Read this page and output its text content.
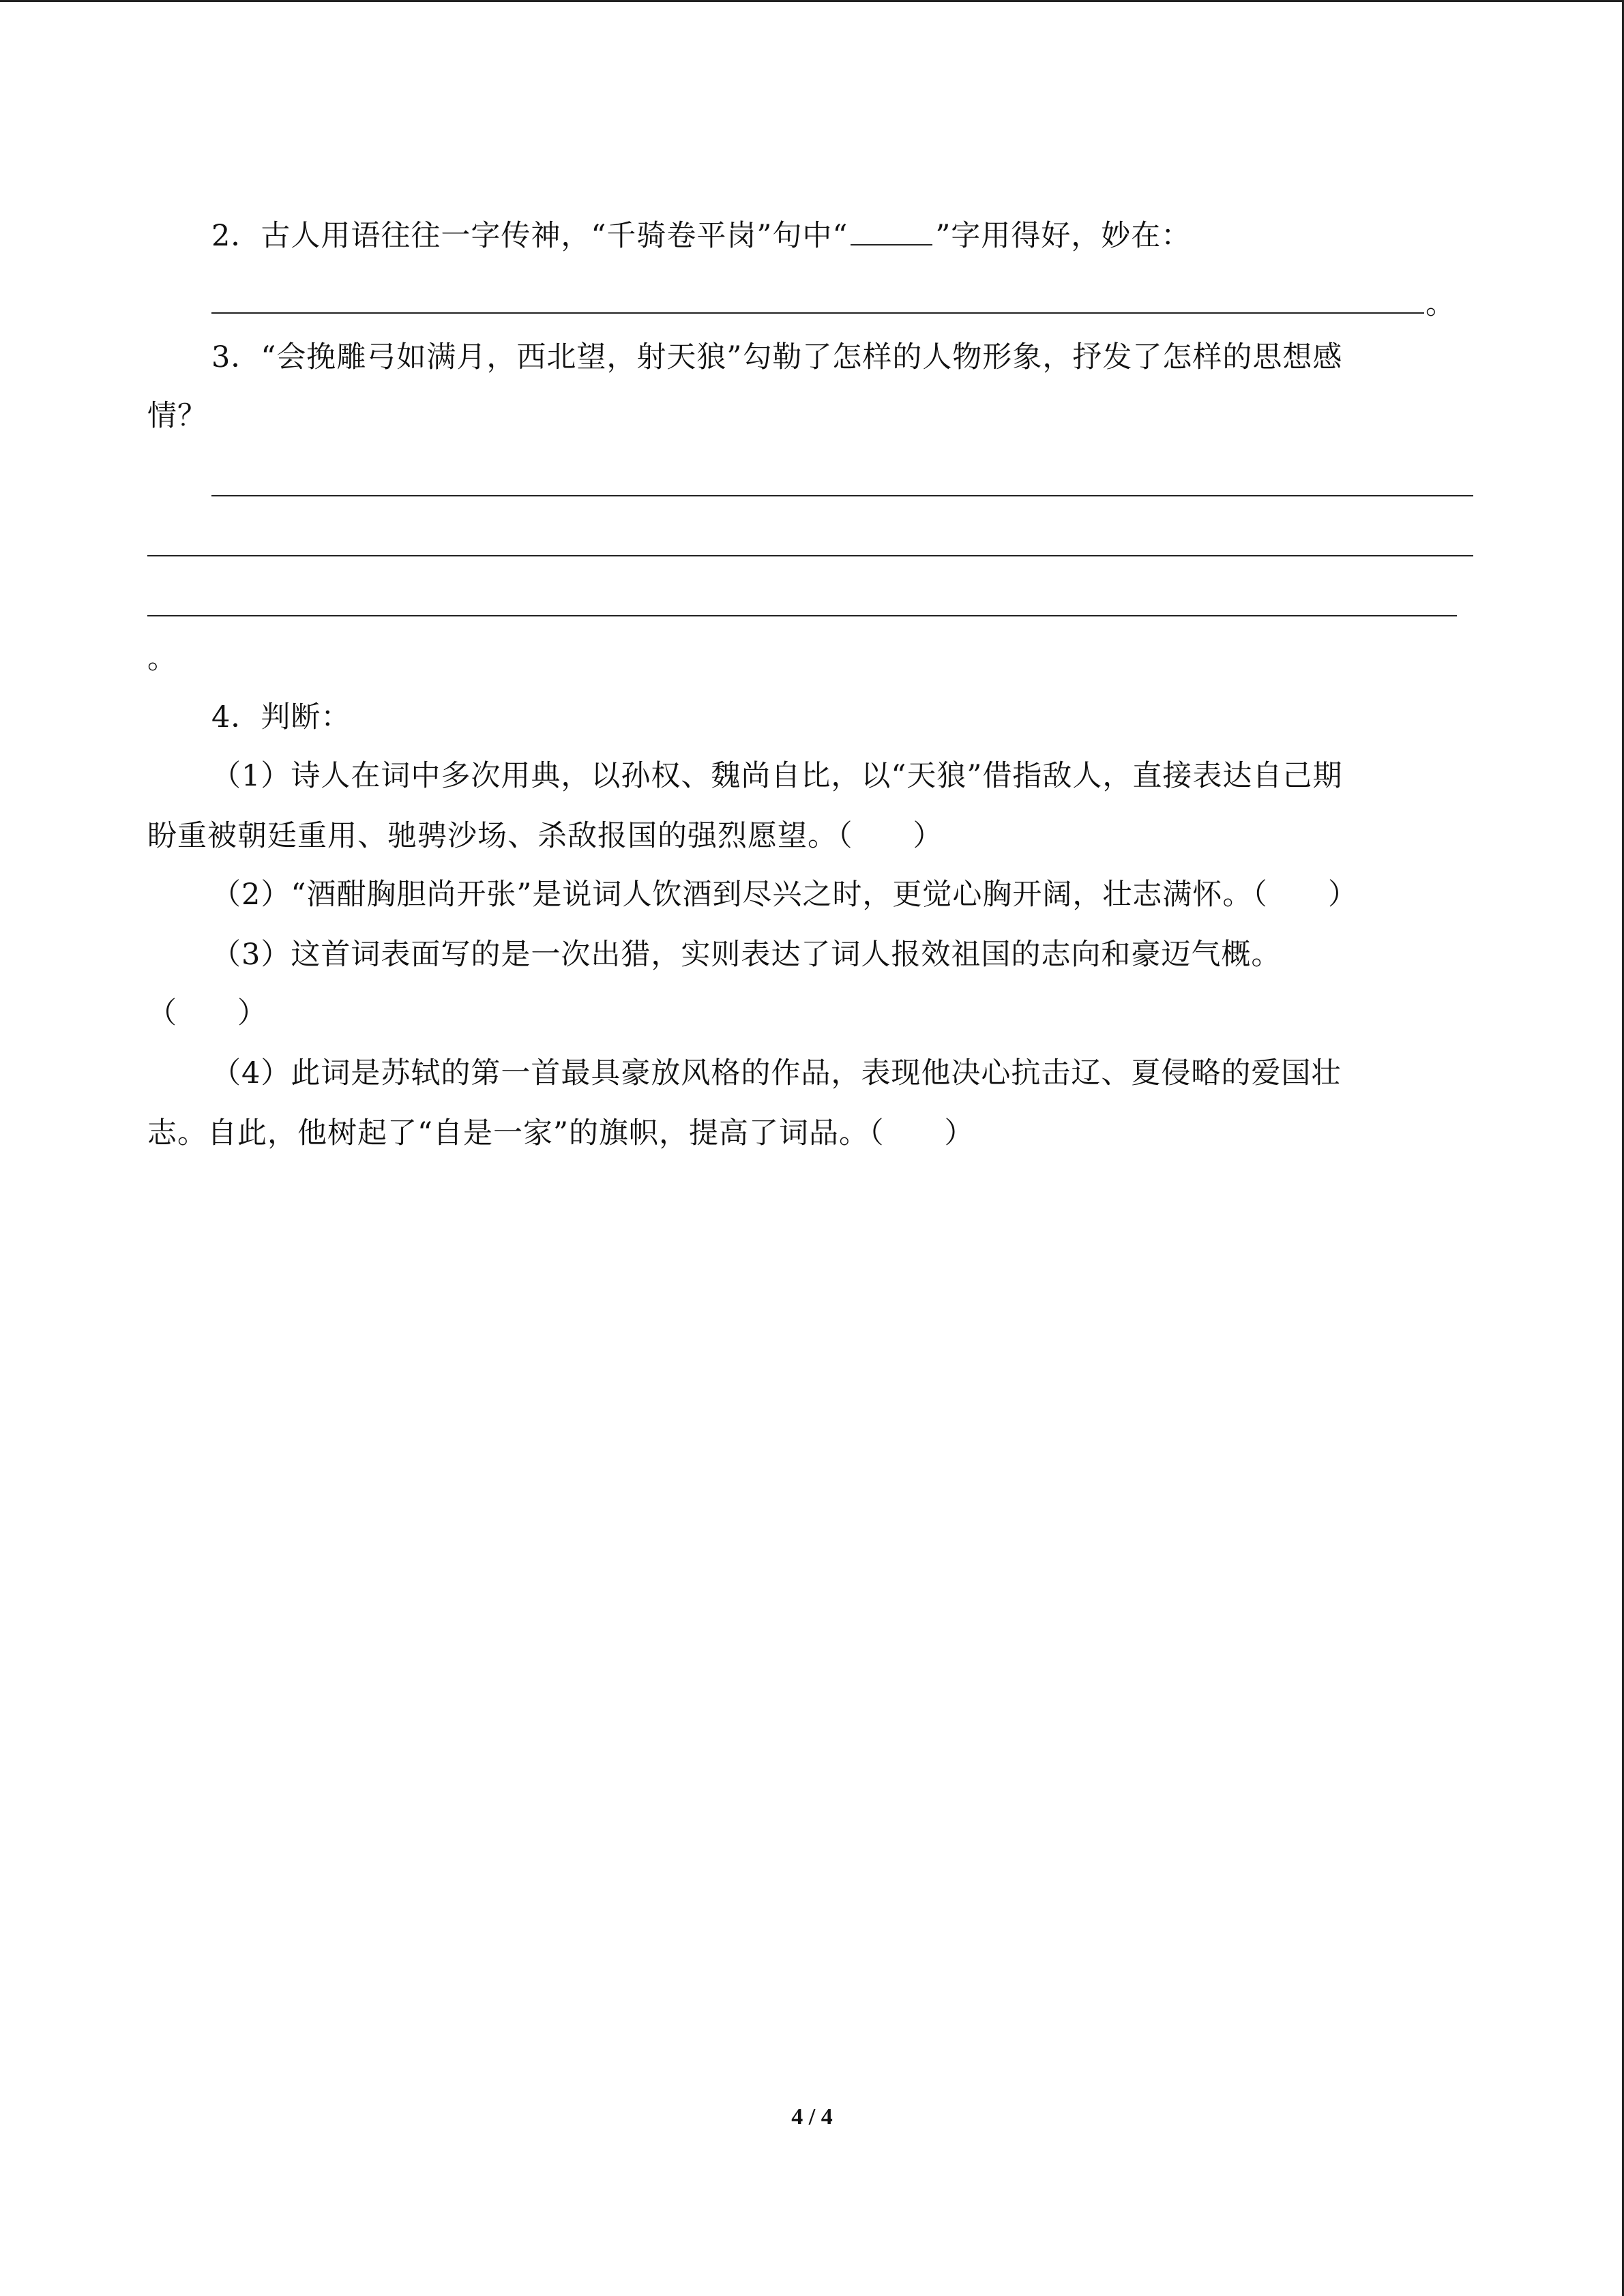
2．古人用语往往一字传神，“千骑卷平岗”句中“	”字用得好，妙在：
。
3．“会挽雕弓如满月，西北望，射天狼”勾勒了怎样的人物形象，抒发了怎样的思想感
情？
。
4．判断：
（1）诗人在词中多次用典，以孙权、魏尚自比，以“天狼”借指敌人，直接表达自己期
盼重被朝廷重用、驰骋沙场、杀敌报国的强烈愿望。（　　）
（2）“酒酣胸胆尚开张”是说词人饮酒到尽兴之时，更觉心胸开阔，壮志满怀。（　　）
（3）这首词表面写的是一次出猎，实则表达了词人报效祖国的志向和豪迈气概。
（　　）
（4）此词是苏轼的第一首最具豪放风格的作品，表现他决心抗击辽、夏侵略的爱国壮
志。自此，他树起了“自是一家”的旗帜，提高了词品。（　　）
4 / 4
